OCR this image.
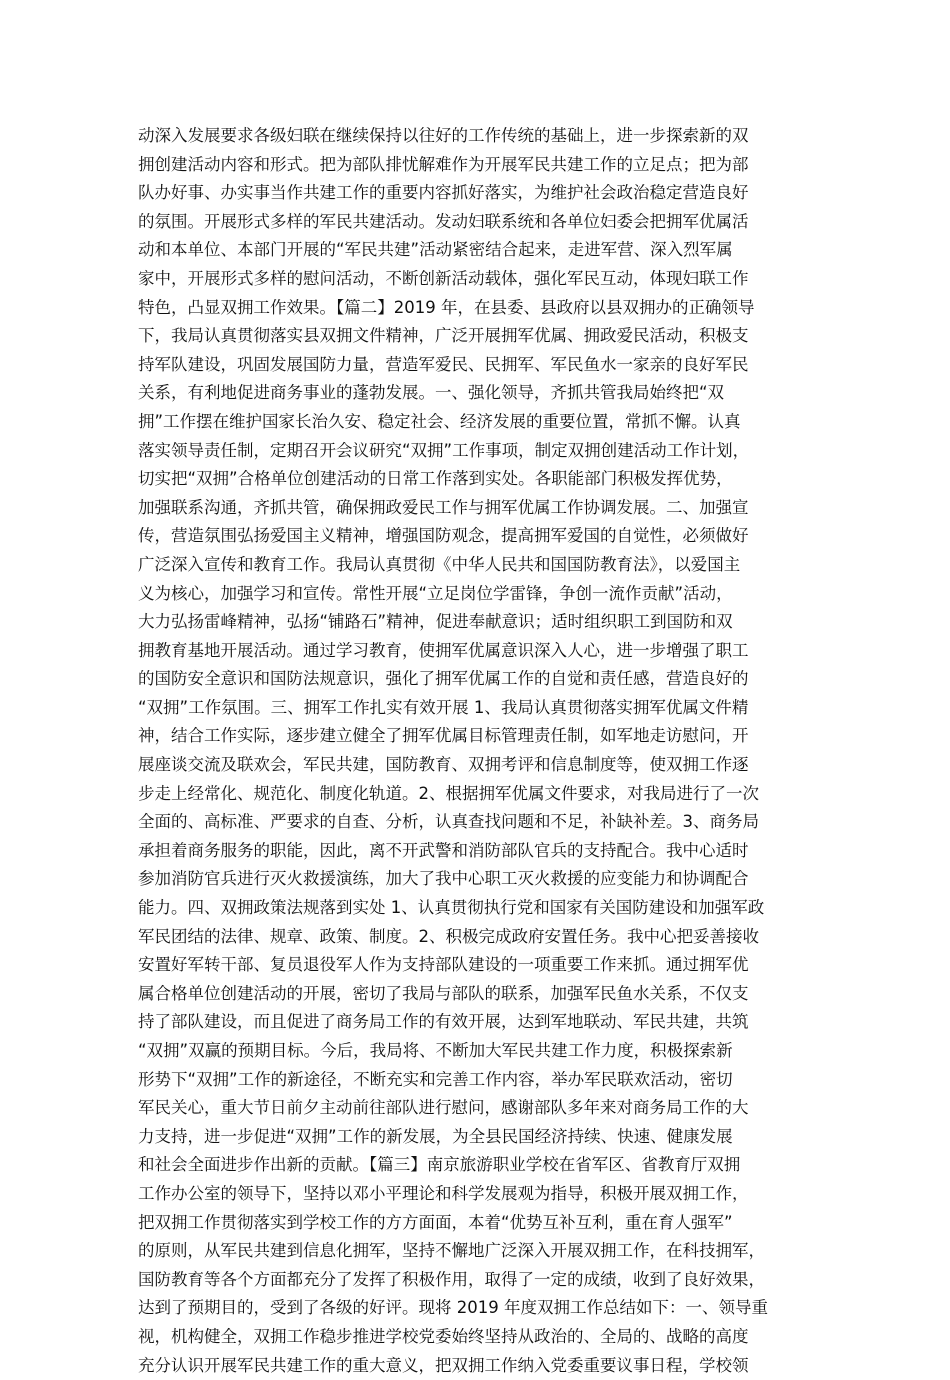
动深入发展要求各级妇联在继续保持以往好的工作传统的基础上，进一步探索新的双
拥创建活动内容和形式。把为部队排忧解难作为开展军民共建工作的立足点；把为部
队办好事、办实事当作共建工作的重要内容抓好落实，为维护社会政治稳定营造良好
的氛围。开展形式多样的军民共建活动。发动妇联系统和各单位妇委会把拥军优属活
动和本单位、本部门开展的“军民共建”活动紧密结合起来，走进军营、深入烈军属
家中，开展形式多样的慰问活动，不断创新活动载体，强化军民互动，体现妇联工作
特色，凸显双拥工作效果。【篇二】2019 年，在县委、县政府以县双拥办的正确领导
下，我局认真贯彻落实县双拥文件精神，广泛开展拥军优属、拥政爱民活动，积极支
持军队建设，巩固发展国防力量，营造军爱民、民拥军、军民鱼水一家亲的良好军民
关系，有利地促进商务事业的蓬勃发展。一、强化领导，齐抓共管我局始终把“双
拥”工作摆在维护国家长治久安、稳定社会、经济发展的重要位置，常抓不懈。认真
落实领导责任制，定期召开会议研究“双拥”工作事项，制定双拥创建活动工作计划，
切实把“双拥”合格单位创建活动的日常工作落到实处。各职能部门积极发挥优势，
加强联系沟通，齐抓共管，确保拥政爱民工作与拥军优属工作协调发展。二、加强宣
传，营造氛围弘扬爱国主义精神，增强国防观念，提高拥军爱国的自觉性，必须做好
广泛深入宣传和教育工作。我局认真贯彻《中华人民共和国国防教育法》，以爱国主
义为核心，加强学习和宣传。常性开展“立足岗位学雷锋，争创一流作贡献”活动，
大力弘扬雷峰精神，弘扬“铺路石”精神，促进奉献意识；适时组织职工到国防和双
拥教育基地开展活动。通过学习教育，使拥军优属意识深入人心，进一步增强了职工
的国防安全意识和国防法规意识，强化了拥军优属工作的自觉和责任感，营造良好的
“双拥”工作氛围。三、拥军工作扎实有效开展 1、我局认真贯彻落实拥军优属文件精
神，结合工作实际，逐步建立健全了拥军优属目标管理责任制，如军地走访慰问，开
展座谈交流及联欢会，军民共建，国防教育、双拥考评和信息制度等，使双拥工作逐
步走上经常化、规范化、制度化轨道。2、根据拥军优属文件要求，对我局进行了一次
全面的、高标准、严要求的自查、分析，认真查找问题和不足，补缺补差。3、商务局
承担着商务服务的职能，因此，离不开武警和消防部队官兵的支持配合。我中心适时
参加消防官兵进行灭火救援演练，加大了我中心职工灭火救援的应变能力和协调配合
能力。四、双拥政策法规落到实处 1、认真贯彻执行党和国家有关国防建设和加强军政
军民团结的法律、规章、政策、制度。2、积极完成政府安置任务。我中心把妥善接收
安置好军转干部、复员退役军人作为支持部队建设的一项重要工作来抓。通过拥军优
属合格单位创建活动的开展，密切了我局与部队的联系，加强军民鱼水关系，不仅支
持了部队建设，而且促进了商务局工作的有效开展，达到军地联动、军民共建，共筑
“双拥”双赢的预期目标。今后，我局将、不断加大军民共建工作力度，积极探索新
形势下“双拥”工作的新途径，不断充实和完善工作内容，举办军民联欢活动，密切
军民关心，重大节日前夕主动前往部队进行慰问，感谢部队多年来对商务局工作的大
力支持，进一步促进“双拥”工作的新发展，为全县民国经济持续、快速、健康发展
和社会全面进步作出新的贡献。【篇三】南京旅游职业学校在省军区、省教育厅双拥
工作办公室的领导下，坚持以邓小平理论和科学发展观为指导，积极开展双拥工作，
把双拥工作贯彻落实到学校工作的方方面面，本着“优势互补互利，重在育人强军”
的原则，从军民共建到信息化拥军，坚持不懈地广泛深入开展双拥工作，在科技拥军，
国防教育等各个方面都充分了发挥了积极作用，取得了一定的成绩，收到了良好效果，
达到了预期目的，受到了各级的好评。现将 2019 年度双拥工作总结如下：一、领导重
视，机构健全，双拥工作稳步推进学校党委始终坚持从政治的、全局的、战略的高度
充分认识开展军民共建工作的重大意义，把双拥工作纳入党委重要议事日程，学校领
